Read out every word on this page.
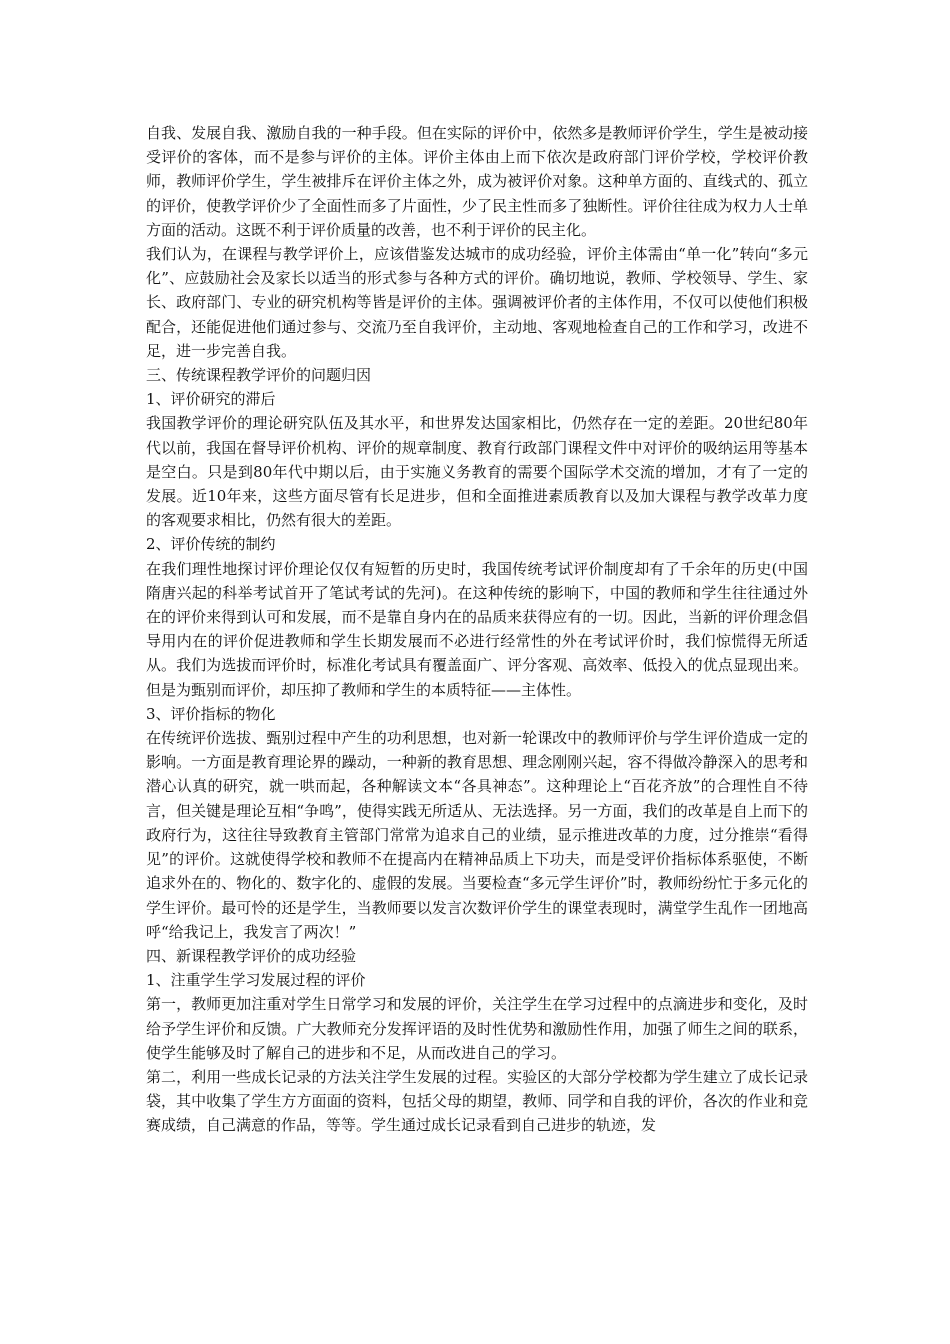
自我、发展自我、激励自我的一种手段。但在实际的评价中，依然多是教师评价学生，学生是被动接受评价的客体，而不是参与评价的主体。评价主体由上而下依次是政府部门评价学校，学校评价教师，教师评价学生，学生被排斥在评价主体之外，成为被评价对象。这种单方面的、直线式的、孤立的评价，使教学评价少了全面性而多了片面性，少了民主性而多了独断性。评价往往成为权力人士单方面的活动。这既不利于评价质量的改善，也不利于评价的民主化。

我们认为，在课程与教学评价上，应该借鉴发达城市的成功经验，评价主体需由“单一化”转向“多元化”、应鼓励社会及家长以适当的形式参与各种方式的评价。确切地说，教师、学校领导、学生、家长、政府部门、专业的研究机构等皆是评价的主体。强调被评价者的主体作用，不仅可以使他们积极配合，还能促进他们通过参与、交流乃至自我评价，主动地、客观地检查自己的工作和学习，改进不足，进一步完善自我。

三、传统课程教学评价的问题归因

1、评价研究的滞后

我国教学评价的理论研究队伍及其水平，和世界发达国家相比，仍然存在一定的差距。20世纪80年代以前，我国在督导评价机构、评价的规章制度、教育行政部门课程文件中对评价的吸纳运用等基本是空白。只是到80年代中期以后，由于实施义务教育的需要个国际学术交流的增加，才有了一定的发展。近10年来，这些方面尽管有长足进步，但和全面推进素质教育以及加大课程与教学改革力度的客观要求相比，仍然有很大的差距。

2、评价传统的制约

在我们理性地探讨评价理论仅仅有短暂的历史时，我国传统考试评价制度却有了千余年的历史(中国隋唐兴起的科举考试首开了笔试考试的先河)。在这种传统的影响下，中国的教师和学生往往通过外在的评价来得到认可和发展，而不是靠自身内在的品质来获得应有的一切。因此，当新的评价理念倡导用内在的评价促进教师和学生长期发展而不必进行经常性的外在考试评价时，我们惊慌得无所适从。我们为选拔而评价时，标准化考试具有覆盖面广、评分客观、高效率、低投入的优点显现出来。但是为甄别而评价，却压抑了教师和学生的本质特征——主体性。

3、评价指标的物化

在传统评价选拔、甄别过程中产生的功利思想，也对新一轮课改中的教师评价与学生评价造成一定的影响。一方面是教育理论界的躁动，一种新的教育思想、理念刚刚兴起，容不得做冷静深入的思考和潜心认真的研究，就一哄而起，各种解读文本“各具神态”。这种理论上“百花齐放”的合理性自不待言，但关键是理论互相“争鸣”，使得实践无所适从、无法选择。另一方面，我们的改革是自上而下的政府行为，这往往导致教育主管部门常常为追求自己的业绩，显示推进改革的力度，过分推崇“看得见”的评价。这就使得学校和教师不在提高内在精神品质上下功夫，而是受评价指标体系驱使，不断追求外在的、物化的、数字化的、虚假的发展。当要检查“多元学生评价”时，教师纷纷忙于多元化的学生评价。最可怜的还是学生，当教师要以发言次数评价学生的课堂表现时，满堂学生乱作一团地高呼“给我记上，我发言了两次！”

四、新课程教学评价的成功经验

1、注重学生学习发展过程的评价

第一，教师更加注重对学生日常学习和发展的评价，关注学生在学习过程中的点滴进步和变化，及时给予学生评价和反馈。广大教师充分发挥评语的及时性优势和激励性作用，加强了师生之间的联系，使学生能够及时了解自己的进步和不足，从而改进自己的学习。

第二，利用一些成长记录的方法关注学生发展的过程。实验区的大部分学校都为学生建立了成长记录袋，其中收集了学生方方面面的资料，包括父母的期望，教师、同学和自我的评价，各次的作业和竞赛成绩，自己满意的作品，等等。学生通过成长记录看到自己进步的轨迹，发
